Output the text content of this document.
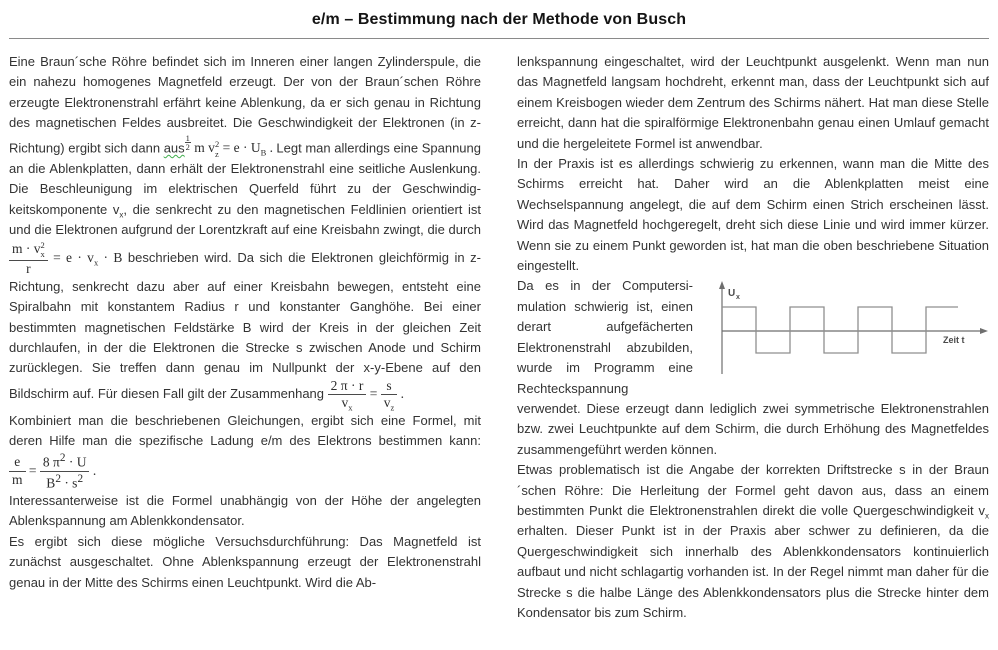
e/m – Bestimmung nach der Methode von Busch

Eine Braun´sche Röhre befindet sich im Inneren einer langen Zylinderspule, die ein nahezu homogenes Magnetfeld erzeugt. Der von der Braun´schen Röhre erzeugte Elektronenstrahl erfährt keine Ablenkung, da er sich genau in Richtung des magnetischen Feldes ausbreitet. Die Geschwindigkeit der Elektronen (in z-Richtung) ergibt sich dann aus $\frac{1}{2}$ m v 2
$z = e \cdot U_B$ . Legt man allerdings eine Spannung an die Ablenkplatten, dann erhält der Elektronenstrahl eine seitliche Auslenkung. Die Beschleunigung im elektrischen Querfeld führt zu der Geschwindigkeitskomponente $v_x$, die senkrecht zu den magnetischen Feldlinien orientiert ist und die Elektronen aufgrund der Lorentzkraft auf eine Kreisbahn zwingt, die durch
m · v 2
x
$r = e \cdot v_x \cdot B$ beschrieben wird. Da sich die Elektronen gleichförmig in z-Richtung, senkrecht dazu aber auf einer Kreisbahn bewegen, entsteht eine Spiralbahn mit konstantem Radius r und konstanter Ganghöhe. Bei einer bestimmten magnetischen Feldstärke B wird der Kreis in der gleichen Zeit durchlaufen, in der die Elektronen die Strecke s zwischen Anode und Schirm zurücklegen. Sie treffen dann genau im Nullpunkt der x-y-Ebene auf den Bildschirm auf. Für diesen Fall gilt der Zusammenhang $\frac{2 \pi \cdot r}{v_x} = \frac{s}{v_z}$ .

Kombiniert man die beschriebenen Gleichungen, ergibt sich eine Formel, mit deren Hilfe man die spezifische Ladung e/m des Elektrons bestimmen kann:
$\frac{e}{m} = \frac{8 \pi^2 \cdot U}{B^2 \cdot s^2}$ .

Interessanterweise ist die Formel unabhängig von der Höhe der angelegten Ablenkspannung am Ablenkkondensator.

Es ergibt sich diese mögliche Versuchsdurchführung: Das Magnetfeld ist zunächst ausgeschaltet. Ohne Ablenkspannung erzeugt der Elektronenstrahl genau in der Mitte des Schirms einen Leuchtpunkt. Wird die Ab-

lenkspannung eingeschaltet, wird der Leuchtpunkt ausgelenkt. Wenn man nun das Magnetfeld langsam hochdreht, erkennt man, dass der Leuchtpunkt sich auf einem Kreisbogen wieder dem Zentrum des Schirms nähert. Hat man diese Stelle erreicht, dann hat die spiralförmige Elektronenbahn genau einen Umlauf gemacht und die hergeleitete Formel ist anwendbar.

In der Praxis ist es allerdings schwierig zu erkennen, wann man die Mitte des Schirms erreicht hat. Daher wird an die Ablenkplatten meist eine Wechselspannung angelegt, die auf dem Schirm einen Strich erscheinen lässt. Wird das Magnetfeld hochgeregelt, dreht sich diese Linie und wird immer kürzer. Wenn sie zu einem Punkt geworden ist, hat man die oben beschriebene Situation eingestellt.

U x
Zeit t
Da es in der Computersimulation schwierig ist, einen derart aufgefächerten Elektronenstrahl abzubilden, wurde im Programm eine Rechteckspannung verwendet. Diese erzeugt dann lediglich zwei symmetrische Elektronenstrahlen bzw. zwei Leuchtpunkte auf dem Schirm, die durch Erhöhung des Magnetfeldes zusammengeführt werden können.

Etwas problematisch ist die Angabe der korrekten Driftstrecke s in der Braun´schen Röhre: Die Herleitung der Formel geht davon aus, dass an einem bestimmten Punkt die Elektronenstrahlen direkt die volle Quergeschwindigkeit $v_x$ erhalten. Dieser Punkt ist in der Praxis aber schwer zu definieren, da die Quergeschwindigkeit sich innerhalb des Ablenkkondensators kontinuierlich aufbaut und nicht schlagartig vorhanden ist. In der Regel nimmt man daher für die Strecke s die halbe Länge des Ablenkkondensators plus die Strecke hinter dem Kondensator bis zum Schirm.
